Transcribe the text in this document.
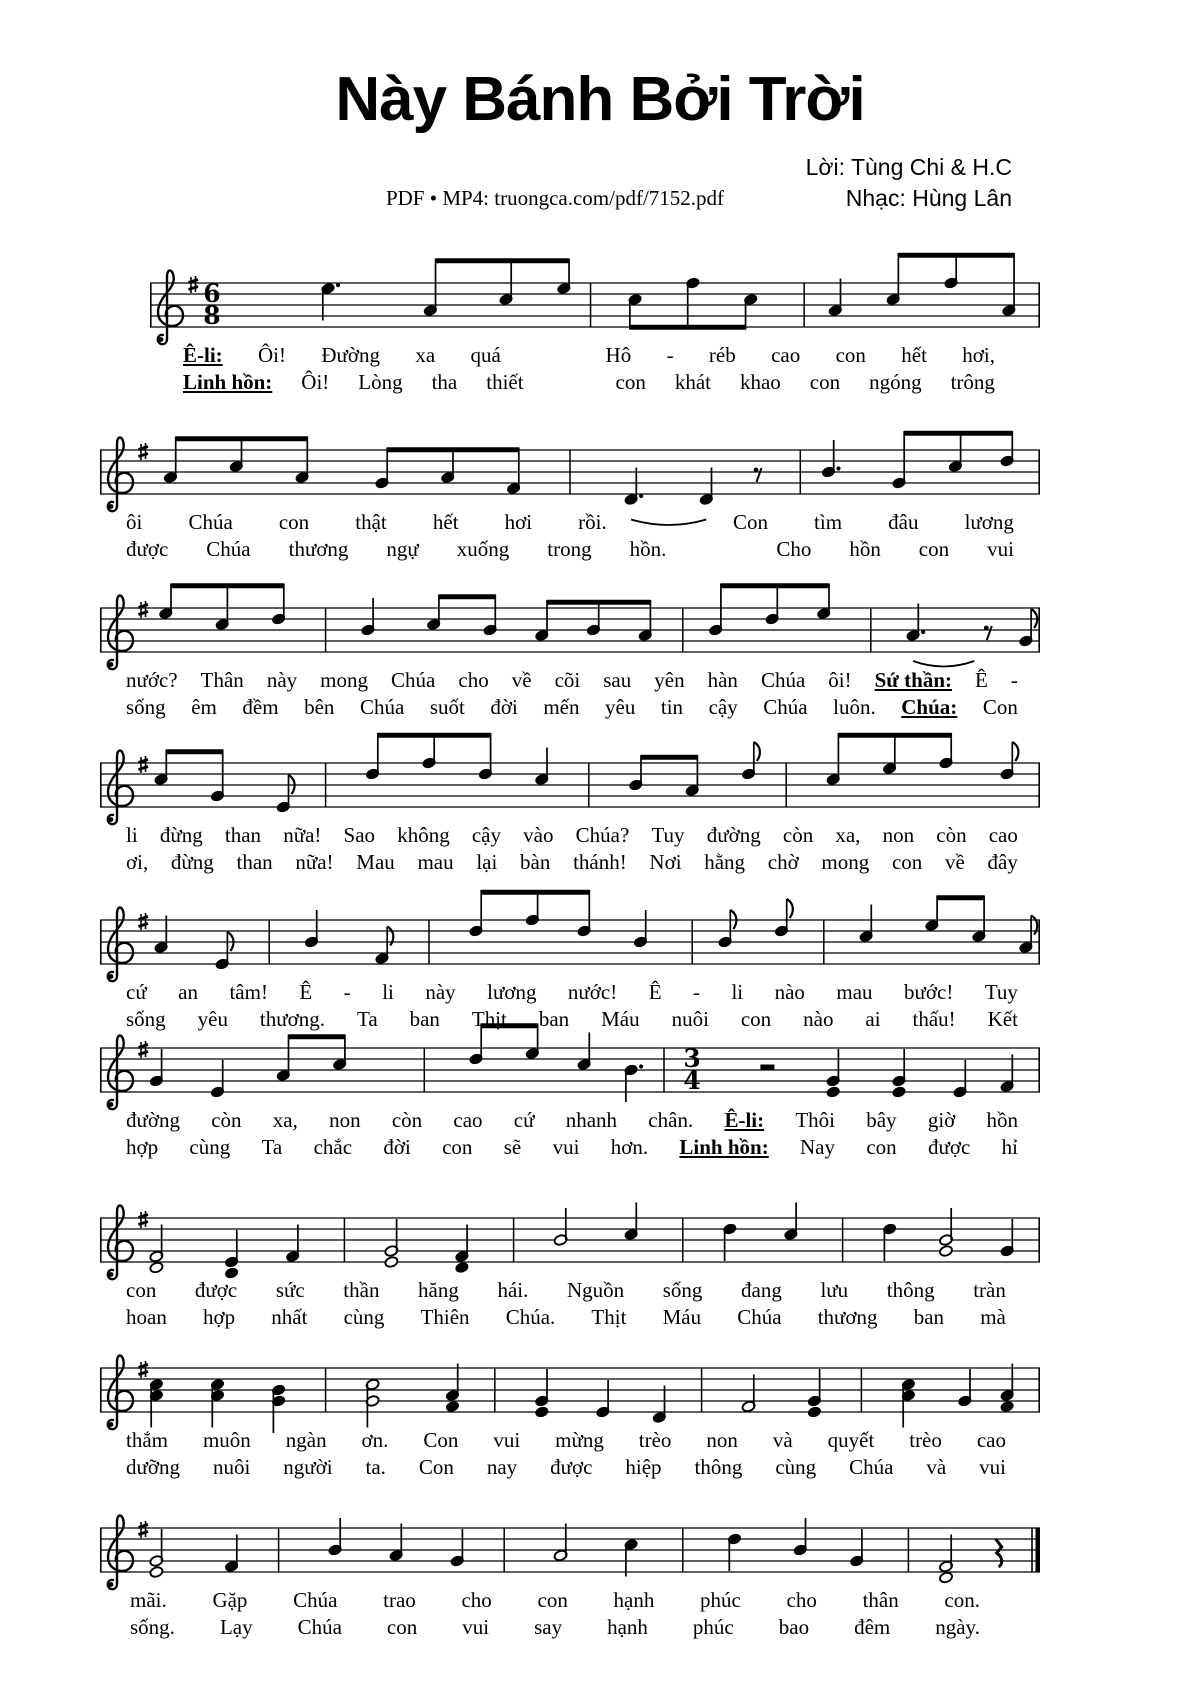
Này Bánh Bởi Trời
PDF • MP4: truongca.com/pdf/7152.pdf
Lời: Tùng Chi & H.C
Nhạc: Hùng Lân
6
8
3
4
Ê-li: Ôi! Đường xa quá	Hô - réb cao con hết hơi,
Linh hồn: Ôi! Lòng tha thiết	con khát khao con ngóng trông
ôi Chúa con thật hết hơi rồi.	Con tìm đâu lương
được Chúa thương ngự xuống trong hồn.	Cho hồn con vui
nước? Thân này mong Chúa cho về cõi sau yên hàn Chúa ôi! Sứ thần: Ê -
sống êm đềm bên Chúa suốt đời mến yêu tin cậy Chúa luôn. Chúa: Con
li đừng than nữa! Sao không cậy vào Chúa? Tuy đường còn xa, non còn cao
ơi, đừng than nữa! Mau mau lại bàn thánh! Nơi hằng chờ mong con về đây
cứ an tâm! Ê - li này lương nước! Ê - li nào mau bước! Tuy
sống yêu thương. Ta ban Thịt ban Máu nuôi con nào ai thấu! Kết
đường còn xa, non còn cao cứ nhanh chân. Ê-li: Thôi bây giờ hồn
hợp cùng Ta chắc đời con sẽ vui hơn. Linh hồn: Nay con được hỉ
con được sức thần hăng hái. Nguồn sống đang lưu thông tràn
hoan hợp nhất cùng Thiên Chúa. Thịt Máu Chúa thương ban mà
thắm muôn ngàn ơn. Con vui mừng trèo non và quyết trèo cao
dưỡng nuôi người ta. Con nay được hiệp thông cùng Chúa và vui
mãi. Gặp Chúa trao cho con hạnh phúc cho thân con.
sống. Lạy Chúa con vui say hạnh phúc bao đêm ngày.
